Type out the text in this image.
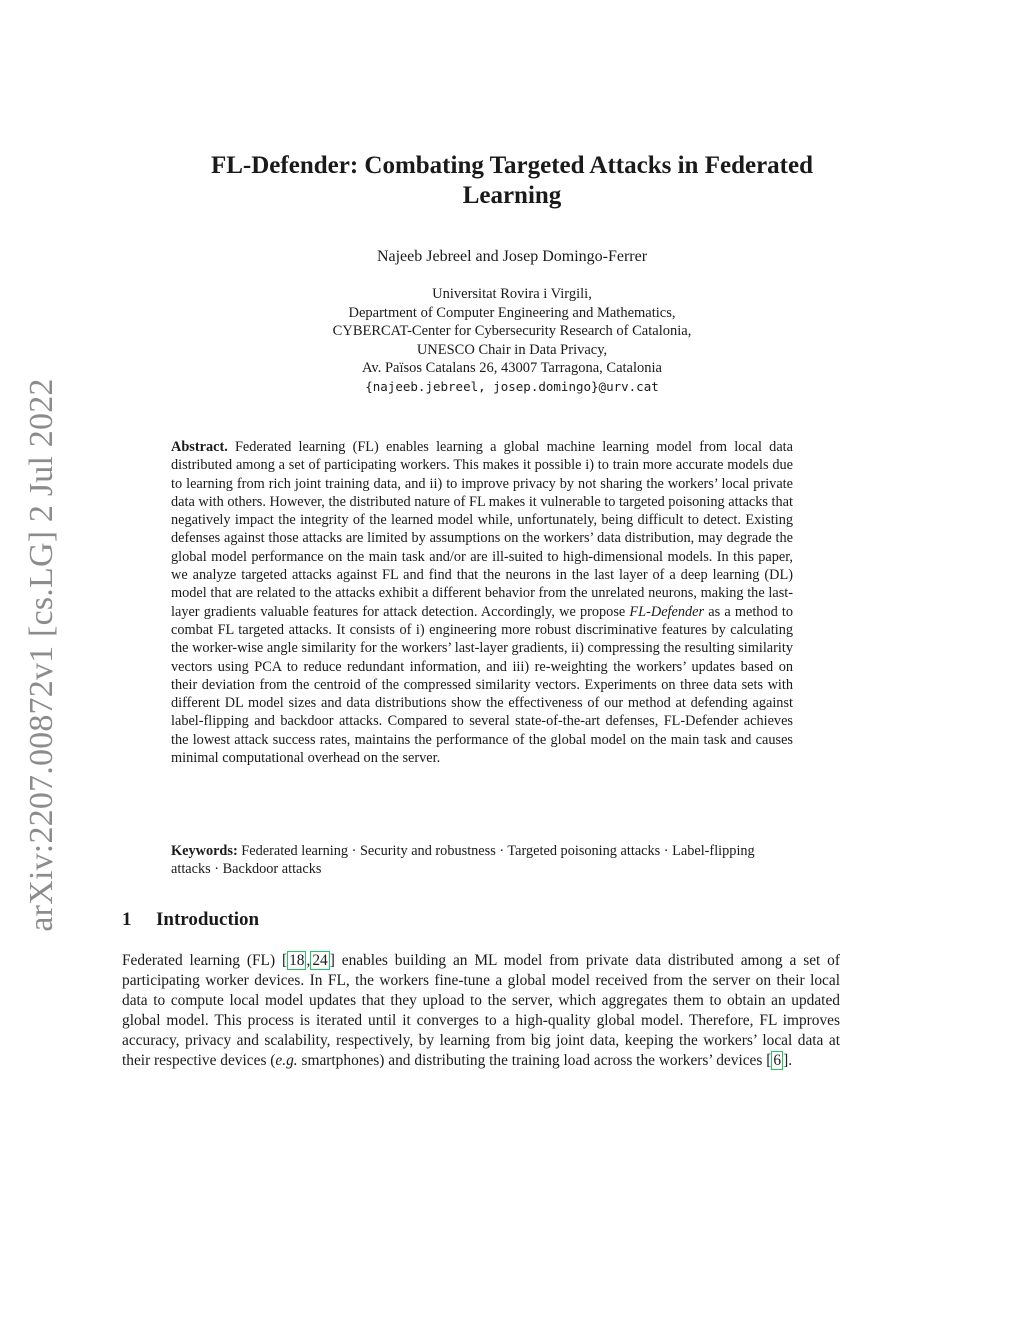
arXiv:2207.00872v1 [cs.LG] 2 Jul 2022
FL-Defender: Combating Targeted Attacks in Federated
Learning
Najeeb Jebreel and Josep Domingo-Ferrer
Universitat Rovira i Virgili,
Department of Computer Engineering and Mathematics,
CYBERCAT-Center for Cybersecurity Research of Catalonia,
UNESCO Chair in Data Privacy,
Av. Països Catalans 26, 43007 Tarragona, Catalonia
{najeeb.jebreel, josep.domingo}@urv.cat
Abstract. Federated learning (FL) enables learning a global machine learning model from local data distributed among a set of participating workers. This makes it possible i) to train more accurate models due to learning from rich joint training data, and ii) to improve privacy by not sharing the workers’ local private data with others. However, the distributed nature of FL makes it vulnerable to targeted poisoning attacks that negatively impact the integrity of the learned model while, unfortunately, being difficult to detect. Existing defenses against those attacks are limited by assumptions on the workers’ data distribution, may degrade the global model performance on the main task and/or are ill-suited to high-dimensional models. In this paper, we analyze targeted attacks against FL and find that the neurons in the last layer of a deep learning (DL) model that are related to the attacks exhibit a different behavior from the unrelated neurons, making the last-layer gradients valuable features for attack detection. Accordingly, we propose FL-Defender as a method to combat FL targeted attacks. It consists of i) engineering more robust discriminative features by calculating the worker-wise angle similarity for the workers’ last-layer gradients, ii) compressing the resulting similarity vectors using PCA to reduce redundant information, and iii) re-weighting the workers’ updates based on their deviation from the centroid of the compressed similarity vectors. Experiments on three data sets with different DL model sizes and data distributions show the effectiveness of our method at defending against label-flipping and backdoor attacks. Compared to several state-of-the-art defenses, FL-Defender achieves the lowest attack success rates, maintains the performance of the global model on the main task and causes minimal computational overhead on the server.
Keywords: Federated learning · Security and robustness · Targeted poisoning attacks · Label-flipping attacks · Backdoor attacks
1 Introduction
Federated learning (FL) [ 18 , 24 ] enables building an ML model from private data distributed among a set of participating worker devices. In FL, the workers fine-tune a global model received from the server on their local data to compute local model updates that they upload to the server, which aggregates them to obtain an updated global model. This process is iterated until it converges to a high-quality global model. Therefore, FL improves accuracy, privacy and scalability, respectively, by learning from big joint data, keeping the workers’ local data at their respective devices (e.g. smartphones) and distributing the training load across the workers’ devices [ 6 ].
